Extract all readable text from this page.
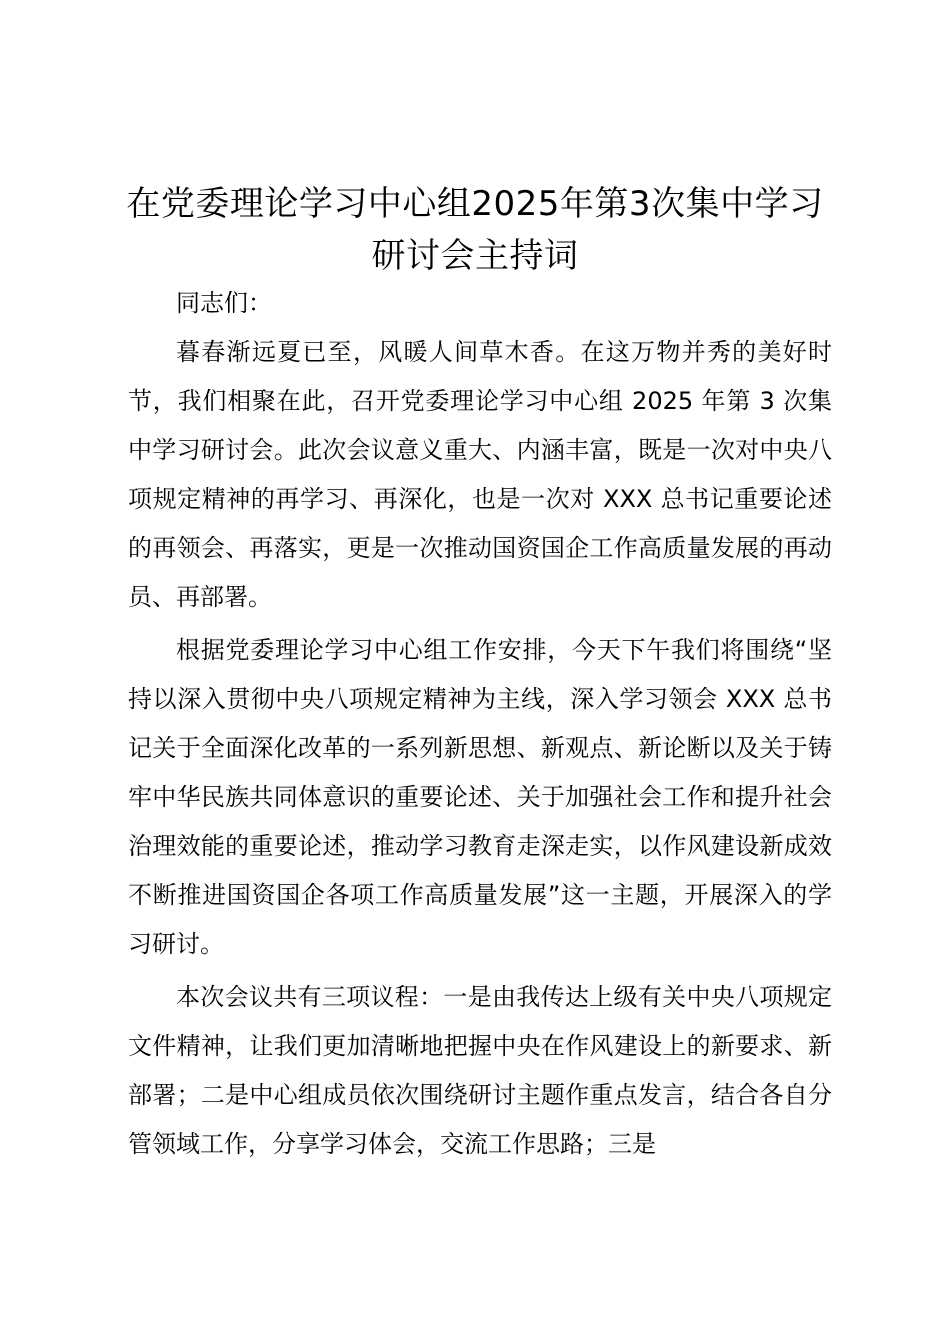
在党委理论学习中心组2025年第3次集中学习研讨会主持词

同志们：

暮春渐远夏已至，风暖人间草木香。在这万物并秀的美好时节，我们相聚在此，召开党委理论学习中心组 2025 年第 3 次集中学习研讨会。此次会议意义重大、内涵丰富，既是一次对中央八项规定精神的再学习、再深化，也是一次对 XXX 总书记重要论述的再领会、再落实，更是一次推动国资国企工作高质量发展的再动员、再部署。

根据党委理论学习中心组工作安排，今天下午我们将围绕“坚持以深入贯彻中央八项规定精神为主线，深入学习领会 XXX 总书记关于全面深化改革的一系列新思想、新观点、新论断以及关于铸牢中华民族共同体意识的重要论述、关于加强社会工作和提升社会治理效能的重要论述，推动学习教育走深走实，以作风建设新成效不断推进国资国企各项工作高质量发展”这一主题，开展深入的学习研讨。

本次会议共有三项议程：一是由我传达上级有关中央八项规定文件精神，让我们更加清晰地把握中央在作风建设上的新要求、新部署；二是中心组成员依次围绕研讨主题作重点发言，结合各自分管领域工作，分享学习体会，交流工作思路；三是
